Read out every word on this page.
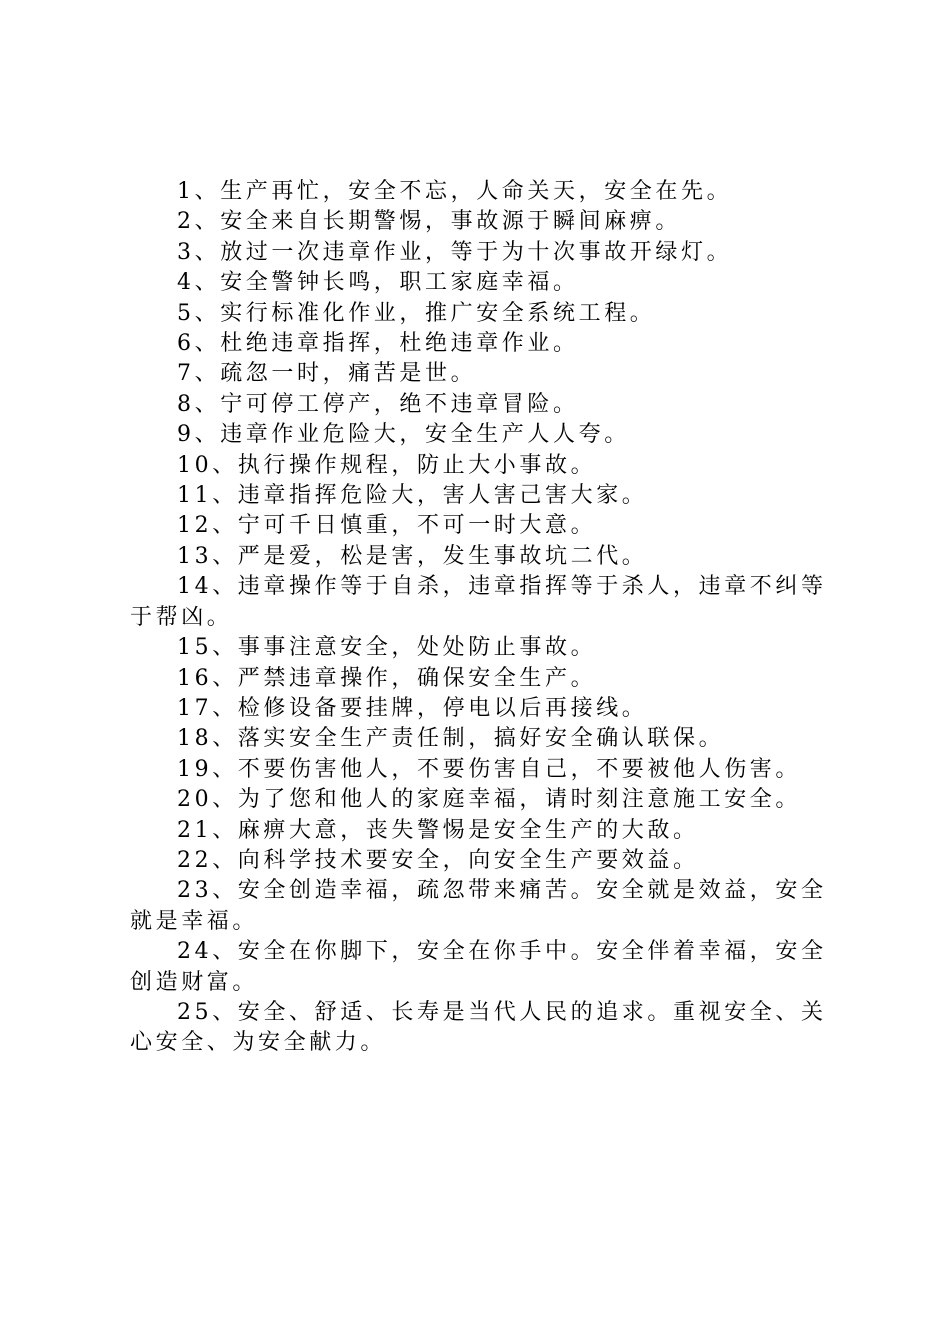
1、生产再忙，安全不忘，人命关天，安全在先。

2、安全来自长期警惕，事故源于瞬间麻痹。

3、放过一次违章作业，等于为十次事故开绿灯。

4、安全警钟长鸣，职工家庭幸福。

5、实行标准化作业，推广安全系统工程。

6、杜绝违章指挥，杜绝违章作业。

7、疏忽一时，痛苦是世。

8、宁可停工停产，绝不违章冒险。

9、违章作业危险大，安全生产人人夸。

10、执行操作规程，防止大小事故。

11、违章指挥危险大，害人害己害大家。

12、宁可千日慎重，不可一时大意。

13、严是爱，松是害，发生事故坑二代。

14、违章操作等于自杀，违章指挥等于杀人，违章不纠等于帮凶。

15、事事注意安全，处处防止事故。

16、严禁违章操作，确保安全生产。

17、检修设备要挂牌，停电以后再接线。

18、落实安全生产责任制，搞好安全确认联保。

19、不要伤害他人，不要伤害自己，不要被他人伤害。

20、为了您和他人的家庭幸福，请时刻注意施工安全。

21、麻痹大意，丧失警惕是安全生产的大敌。

22、向科学技术要安全，向安全生产要效益。

23、安全创造幸福，疏忽带来痛苦。安全就是效益，安全就是幸福。

24、安全在你脚下，安全在你手中。安全伴着幸福，安全创造财富。

25、安全、舒适、长寿是当代人民的追求。重视安全、关心安全、为安全献力。
